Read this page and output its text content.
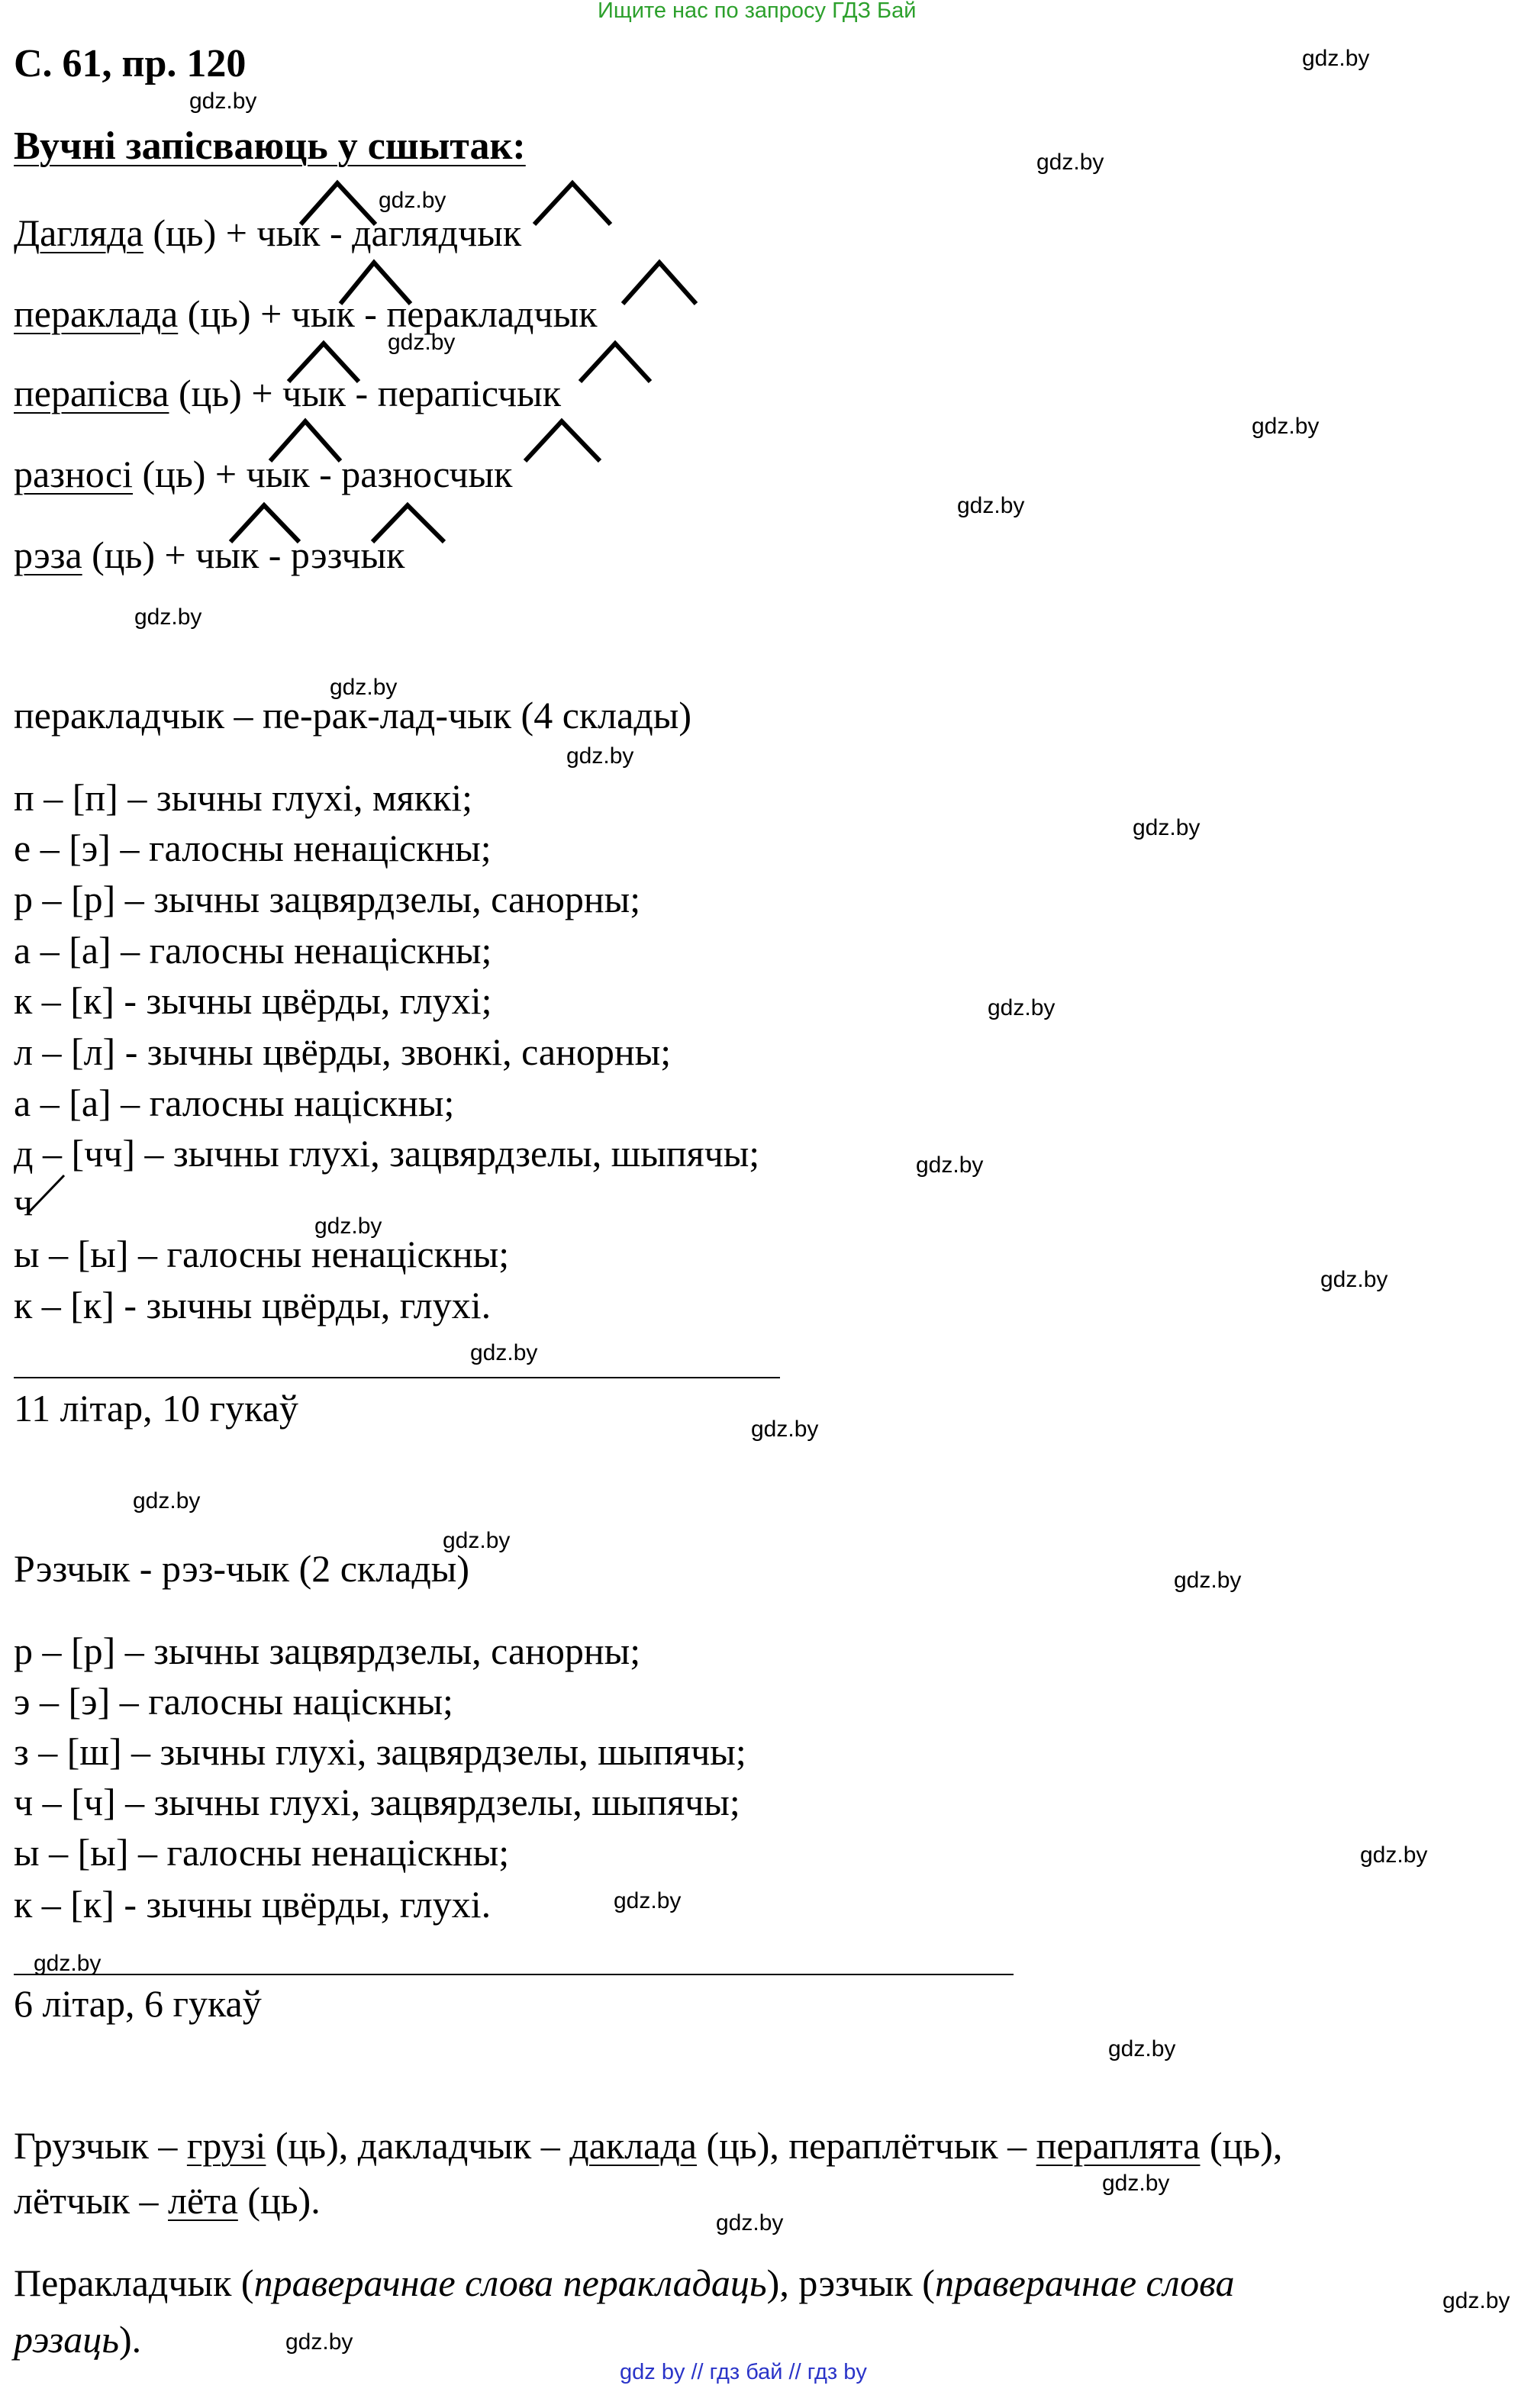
Ищите нас по запросу ГДЗ Бай
gdz by // гдз бай // гдз by
С. 61, пр. 120
Вучні запісваюць у сшытак:
Дагляда (ць) + чык - даглядчык
пераклада (ць) + чык - перакладчык
перапісва (ць) + чык - перапісчык
разносі (ць) + чык - разносчык
рэза (ць) + чык - рэзчык
перакладчык – пе-рак-лад-чык (4 склады)
п – [п] – зычны глухі, мяккі;
е – [э] – галосны ненацiскны;
р – [р] – зычны зацвярдзелы, санорны;
а – [а] – галосны ненацiскны;
к – [к] - зычны цвёрды, глухі;
л – [л] - зычны цвёрды, звонкі, санорны;
а – [а] – галосны нацiскны;
д – [чч] – зычны глухі, зацвярдзелы, шыпячы;
ч
ы – [ы] – галосны ненацiскны;
к – [к] - зычны цвёрды, глухі.
11 літар, 10 гукаў
Рэзчык - рэз-чык (2 склады)
р – [р] – зычны зацвярдзелы, санорны;
э – [э] – галосны нацiскны;
з – [ш] – зычны глухі, зацвярдзелы, шыпячы;
ч – [ч] – зычны глухі, зацвярдзелы, шыпячы;
ы – [ы] – галосны ненацiскны;
к – [к] - зычны цвёрды, глухі.
6 літар, 6 гукаў
Грузчык – грузі (ць), дакладчык – даклада (ць), пераплётчык – пераплята (ць),
лётчык – лёта (ць).
Перакладчык (праверачнае слова перакладаць), рэзчык (праверачнае слова
рэзаць).
gdz.by
gdz.by
gdz.by
gdz.by
gdz.by
gdz.by
gdz.by
gdz.by
gdz.by
gdz.by
gdz.by
gdz.by
gdz.by
gdz.by
gdz.by
gdz.by
gdz.by
gdz.by
gdz.by
gdz.by
gdz.by
gdz.by
gdz.by
gdz.by
gdz.by
gdz.by
gdz.by
gdz.by
